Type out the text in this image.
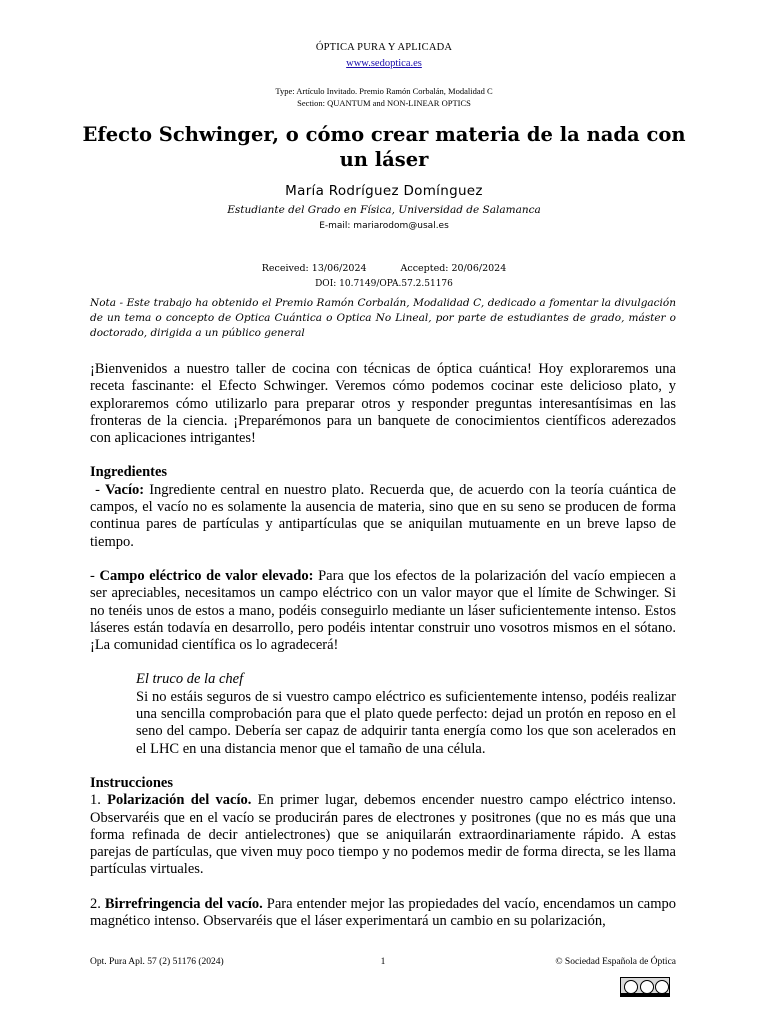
ÓPTICA PURA Y APLICADA
www.sedoptica.es
Type: Artículo Invitado. Premio Ramón Corbalán, Modalidad C
Section: QUANTUM and NON-LINEAR OPTICS
Efecto Schwinger, o cómo crear materia de la nada con un láser
María Rodríguez Domínguez
Estudiante del Grado en Física, Universidad de Salamanca
E-mail: mariarodom@usal.es
Received: 13/06/2024	Accepted: 20/06/2024
DOI: 10.7149/OPA.57.2.51176
Nota - Este trabajo ha obtenido el Premio Ramón Corbalán, Modalidad C, dedicado a fomentar la divulgación de un tema o concepto de Optica Cuántica o Optica No Lineal, por parte de estudiantes de grado, máster o doctorado, dirigida a un público general

¡Bienvenidos a nuestro taller de cocina con técnicas de óptica cuántica! Hoy exploraremos una receta fascinante: el Efecto Schwinger. Veremos cómo podemos cocinar este delicioso plato, y exploraremos cómo utilizarlo para preparar otros y responder preguntas interesantísimas en las fronteras de la ciencia. ¡Preparémonos para un banquete de conocimientos científicos aderezados con aplicaciones intrigantes!

Ingredientes

- Vacío: Ingrediente central en nuestro plato. Recuerda que, de acuerdo con la teoría cuántica de campos, el vacío no es solamente la ausencia de materia, sino que en su seno se producen de forma continua pares de partículas y antipartículas que se aniquilan mutuamente en un breve lapso de tiempo.

- Campo eléctrico de valor elevado: Para que los efectos de la polarización del vacío empiecen a ser apreciables, necesitamos un campo eléctrico con un valor mayor que el límite de Schwinger. Si no tenéis unos de estos a mano, podéis conseguirlo mediante un láser suficientemente intenso. Estos láseres están todavía en desarrollo, pero podéis intentar construir uno vosotros mismos en el sótano. ¡La comunidad científica os lo agradecerá!

El truco de la chef

Si no estáis seguros de si vuestro campo eléctrico es suficientemente intenso, podéis realizar una sencilla comprobación para que el plato quede perfecto: dejad un protón en reposo en el seno del campo. Debería ser capaz de adquirir tanta energía como los que son acelerados en el LHC en una distancia menor que el tamaño de una célula.

Instrucciones

1. Polarización del vacío. En primer lugar, debemos encender nuestro campo eléctrico intenso. Observaréis que en el vacío se producirán pares de electrones y positrones (que no es más que una forma refinada de decir antielectrones) que se aniquilarán extraordinariamente rápido. A estas parejas de partículas, que viven muy poco tiempo y no podemos medir de forma directa, se les llama partículas virtuales.

2. Birrefringencia del vacío. Para entender mejor las propiedades del vacío, encendamos un campo magnético intenso. Observaréis que el láser experimentará un cambio en su polarización,

Opt. Pura Apl. 57 (2) 51176 (2024)	1	© Sociedad Española de Óptica
